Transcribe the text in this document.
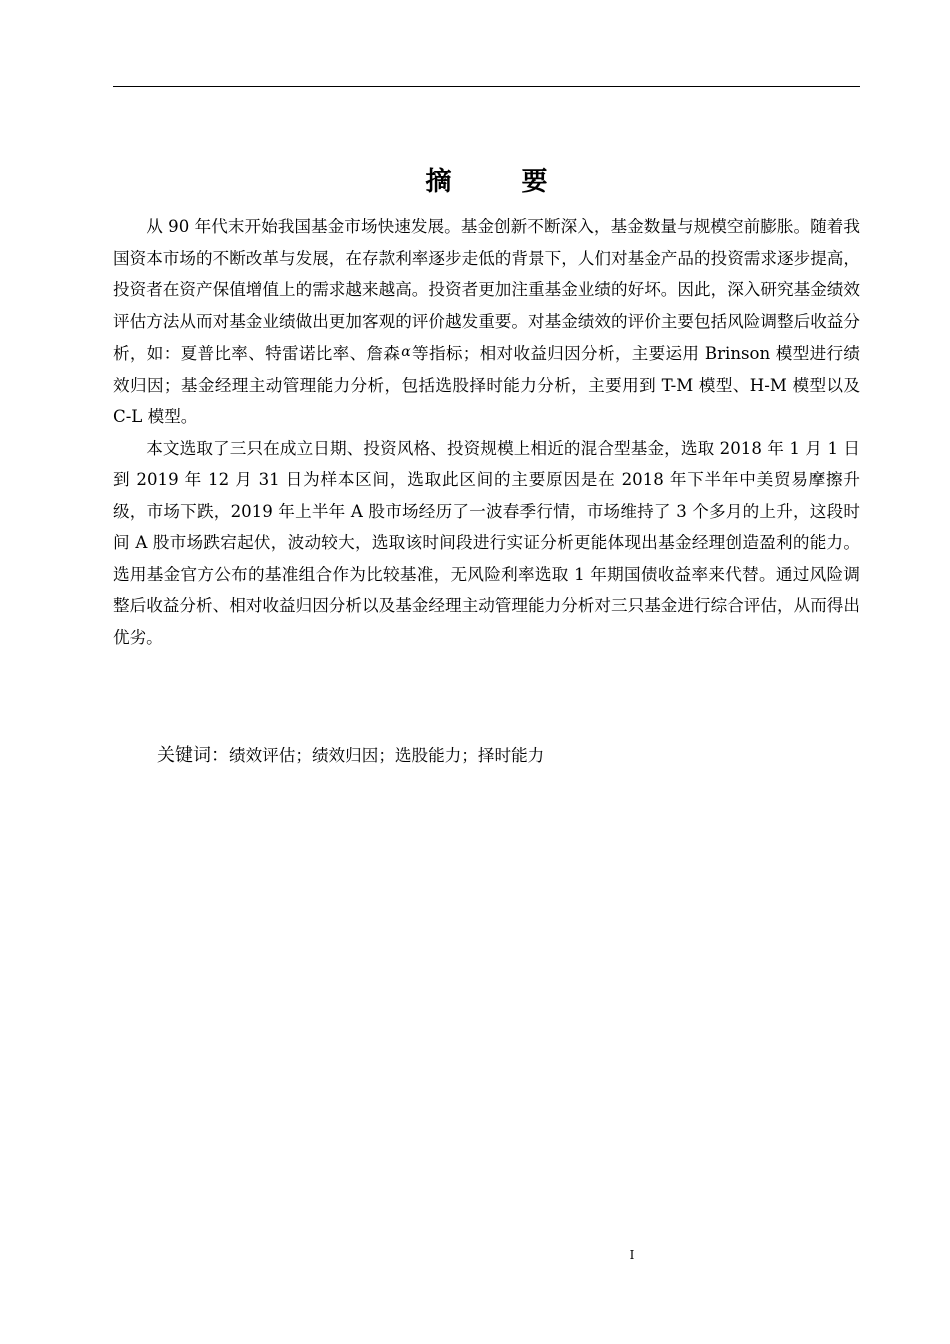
摘　要

从 90 年代末开始我国基金市场快速发展。基金创新不断深入，基金数量与规模空前膨胀。随着我国资本市场的不断改革与发展，在存款利率逐步走低的背景下，人们对基金产品的投资需求逐步提高，投资者在资产保值增值上的需求越来越高。投资者更加注重基金业绩的好坏。因此，深入研究基金绩效评估方法从而对基金业绩做出更加客观的评价越发重要。对基金绩效的评价主要包括风险调整后收益分析，如：夏普比率、特雷诺比率、詹森α等指标；相对收益归因分析，主要运用 Brinson 模型进行绩效归因；基金经理主动管理能力分析，包括选股择时能力分析，主要用到 T-M 模型、H-M 模型以及 C-L 模型。

本文选取了三只在成立日期、投资风格、投资规模上相近的混合型基金，选取 2018 年 1 月 1 日到 2019 年 12 月 31 日为样本区间，选取此区间的主要原因是在 2018 年下半年中美贸易摩擦升级，市场下跌，2019 年上半年 A 股市场经历了一波春季行情，市场维持了 3 个多月的上升，这段时间 A 股市场跌宕起伏，波动较大，选取该时间段进行实证分析更能体现出基金经理创造盈利的能力。选用基金官方公布的基准组合作为比较基准，无风险利率选取 1 年期国债收益率来代替。通过风险调整后收益分析、相对收益归因分析以及基金经理主动管理能力分析对三只基金进行综合评估，从而得出优劣。

关键词：绩效评估；绩效归因；选股能力；择时能力
I
